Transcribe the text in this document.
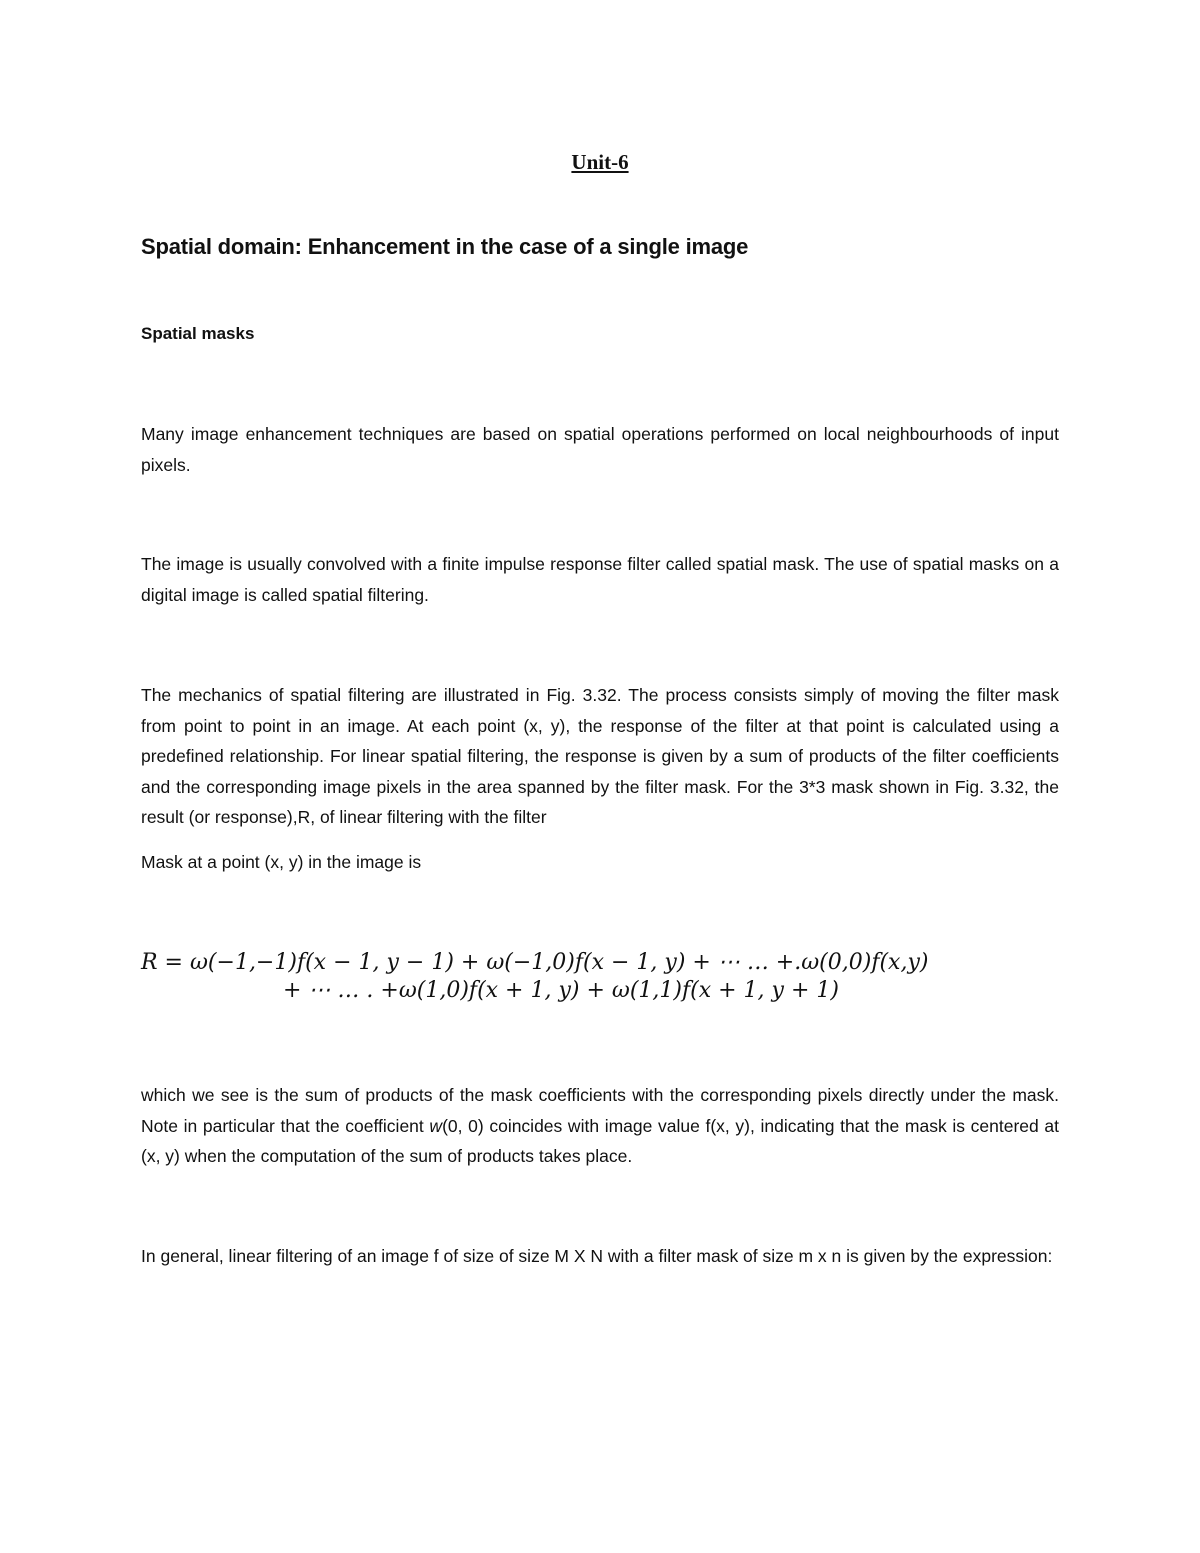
Unit-6
Spatial domain: Enhancement in the case of a single image
Spatial masks

Many image enhancement techniques are based on spatial operations performed on local neighbourhoods of input pixels.

The image is usually convolved with a finite impulse response filter called spatial mask. The use of spatial masks on a digital image is called spatial filtering.

The mechanics of spatial filtering are illustrated in Fig. 3.32. The process consists simply of moving the filter mask from point to point in an image. At each point (x, y), the response of the filter at that point is calculated using a predefined relationship. For linear spatial filtering, the response is given by a sum of products of the filter coefficients and the corresponding image pixels in the area spanned by the filter mask. For the 3*3 mask shown in Fig. 3.32, the result (or response),R, of linear filtering with the filter

Mask at a point (x, y) in the image is

R = ω(−1,−1)f(x − 1, y − 1) + ω(−1,0)f(x − 1, y) + ⋯ … +.ω(0,0)f(x,y)

+ ⋯ … . +ω(1,0)f(x + 1, y) + ω(1,1)f(x + 1, y + 1)

which we see is the sum of products of the mask coefficients with the corresponding pixels directly under the mask. Note in particular that the coefficient w(0, 0) coincides with image value f(x, y), indicating that the mask is centered at (x, y) when the computation of the sum of products takes place.

In general, linear filtering of an image f of size of size M X N with a filter mask of size m x n is given by the expression:
